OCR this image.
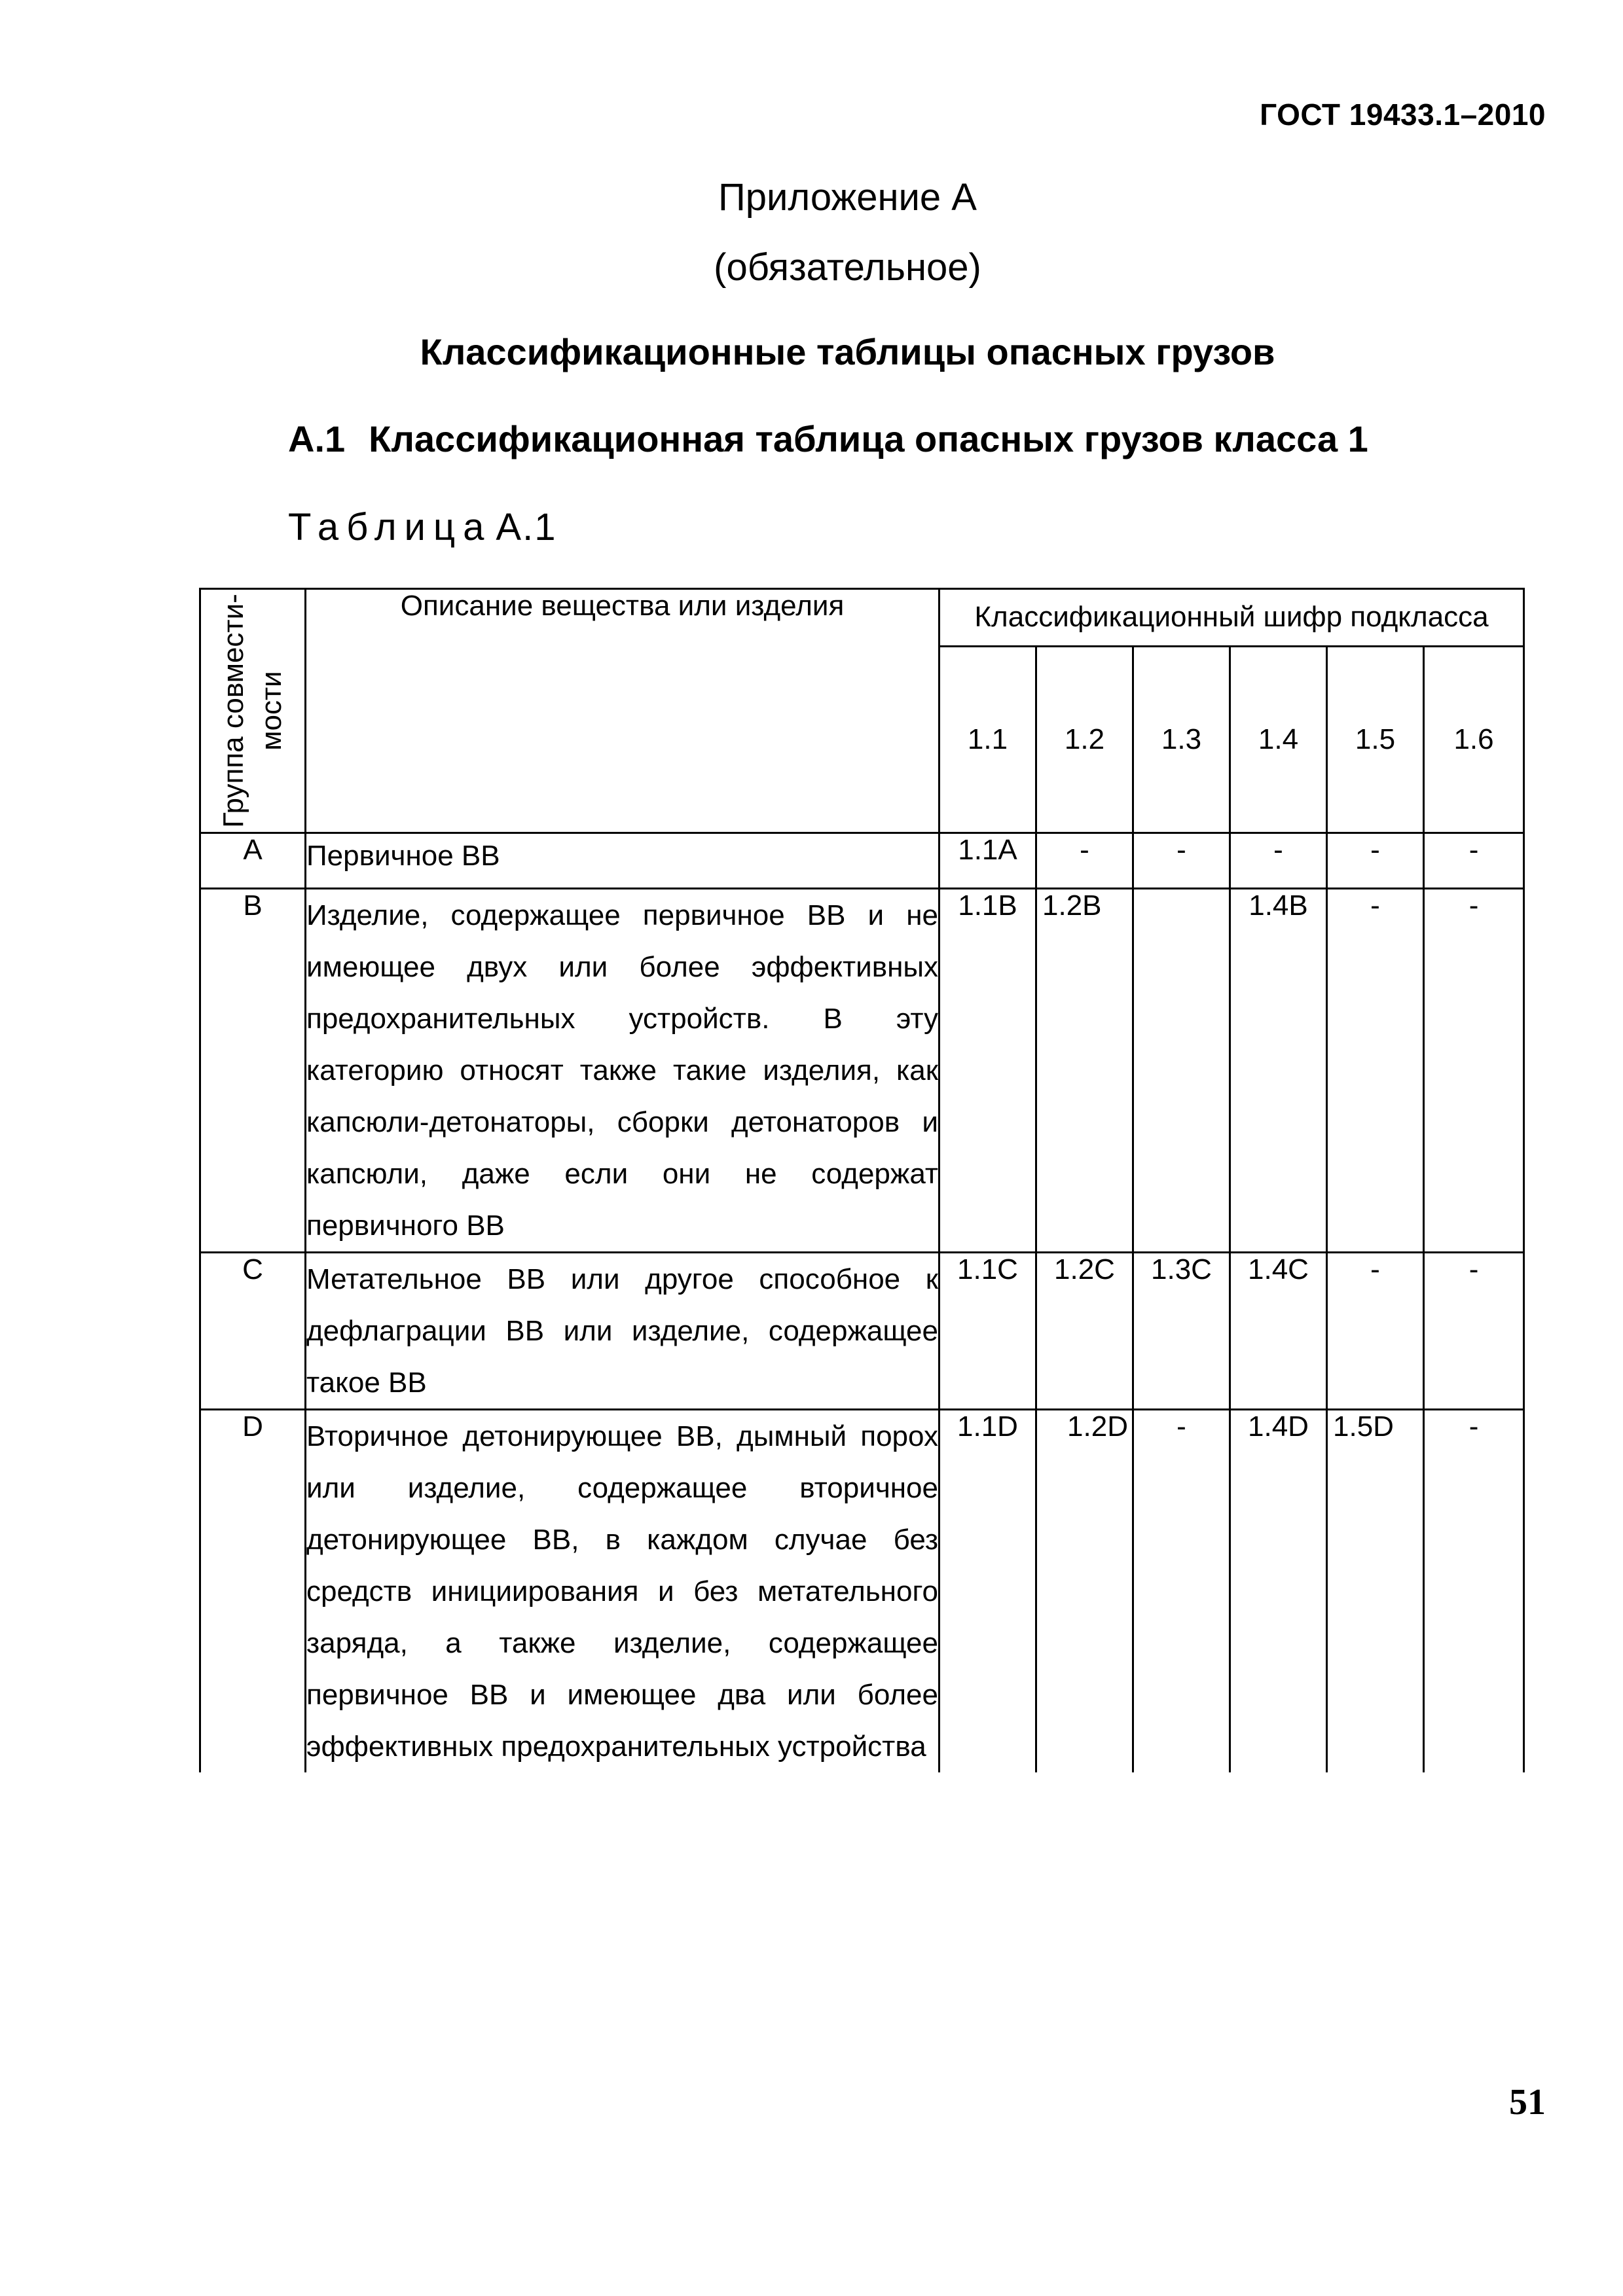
ГОСТ 19433.1–2010
Приложение А
(обязательное)
Классификационные таблицы опасных грузов
А.1 Классификационная таблица опасных грузов класса 1
Таблица А.1
Группа совмести- мости	Описание вещества или изделия	Классификационный шифр подкласса					
		1.1	1.2	1.3	1.4	1.5	1.6
A	Первичное ВВ	1.1A	-	-	-	-	-
B	Изделие, содержащее первичное ВВ и не имеющее двух или более эффективных предохранительных устройств. В эту категорию относят также такие изделия, как капсюли-детонаторы, сборки детонаторов и капсюли, даже если они не содержат первичного ВВ	1.1B	1.2B		1.4B	-	-
C	Метательное ВВ или другое способное к дефлаграции ВВ или изделие, содержащее такое ВВ	1.1C	1.2C	1.3C	1.4C	-	-
D	Вторичное детонирующее ВВ, дымный порох или изделие, содержащее вторичное детонирующее ВВ, в каждом случае без средств инициирования и без метательного заряда, а также изделие, содержащее первичное ВВ и имеющее два или более эффективных предохранительных устройства	1.1D	1.2D	-	1.4D	1.5D	-
51
